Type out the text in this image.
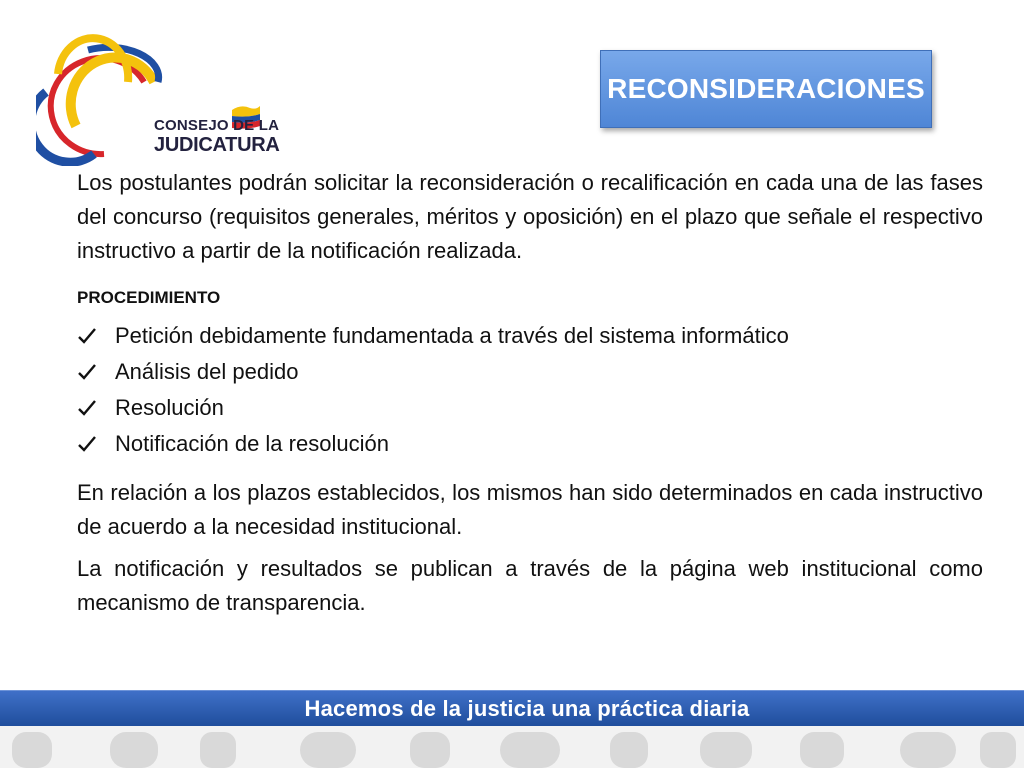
CONSEJO DE LA
JUDICATURA
RECONSIDERACIONES

Los postulantes podrán solicitar la reconsideración o recalificación en cada una de las fases del concurso (requisitos generales, méritos y oposición) en el plazo que señale el respectivo instructivo a partir de la notificación realizada.

PROCEDIMIENTO
Petición debidamente fundamentada a través del sistema informático
Análisis del pedido
Resolución
Notificación de la resolución

En relación a los plazos establecidos, los mismos han sido determinados en cada instructivo de acuerdo a la necesidad institucional.

La notificación y resultados se publican a través de la página web institucional como mecanismo de transparencia.

Hacemos de la justicia una práctica diaria
